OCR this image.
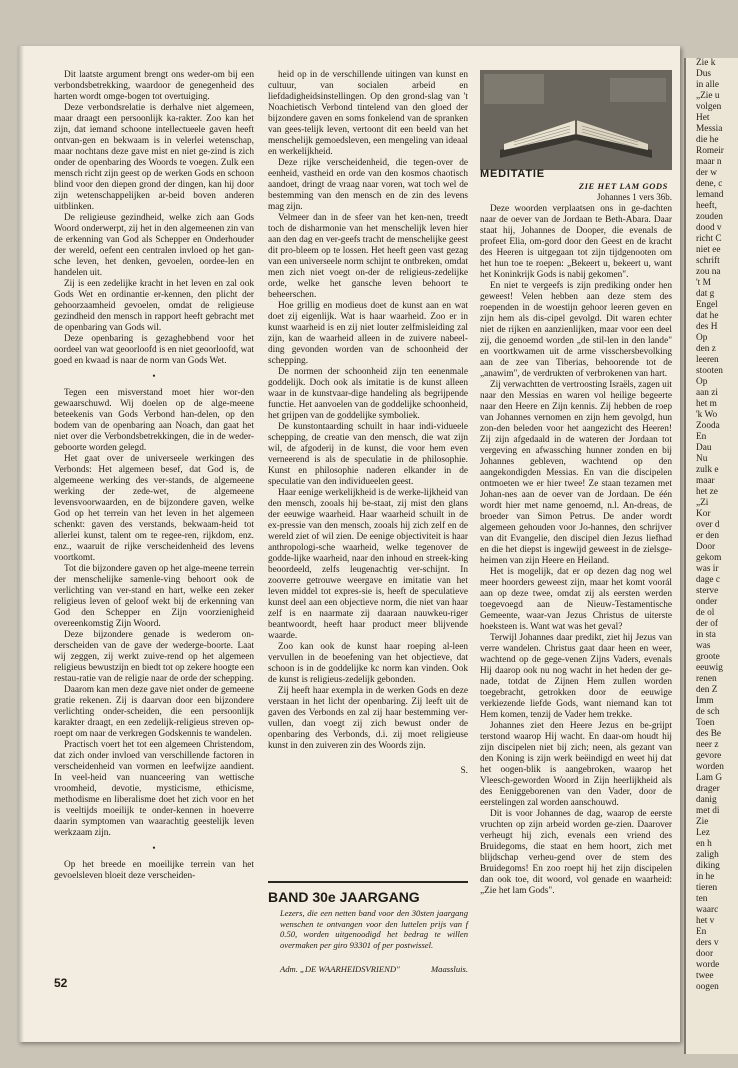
Dit laatste argument brengt ons weder-om bij een verbondsbetrekking, waardoor de genegenheid des harten wordt omge-bogen tot overtuiging.

Deze verbondsrelatie is derhalve niet algemeen, maar draagt een persoonlijk ka-rakter. Zoo kan het zijn, dat iemand schoone intellectueele gaven heeft ontvan-gen en bekwaam is in velerlei wetenschap, maar nochtans deze gave mist en niet ge-zind is zich onder de openbaring des Woords te voegen. Zulk een mensch richt zijn geest op de werken Gods en schoon blind voor den diepen grond der dingen, kan hij door zijn wetenschappelijken ar-beid boven anderen uitblinken.

De religieuse gezindheid, welke zich aan Gods Woord onderwerpt, zij het in den algemeenen zin van de erkenning van God als Schepper en Onderhouder der wereld, oefent een centralen invloed op het gan-sche leven, het denken, gevoelen, oordee-len en handelen uit.

Zij is een zedelijke kracht in het leven en zal ook Gods Wet en ordinantie er-kennen, den plicht der gehoorzaamheid gevoelen, omdat de religieuse gezindheid den mensch in rapport heeft gebracht met de openbaring van Gods wil.

Deze openbaring is gezaghebbend voor het oordeel van wat geoorloofd is en niet geoorloofd, wat goed en kwaad is naar de norm van Gods Wet.

•

Tegen een misverstand moet hier wor-den gewaarschuwd. Wij doelen op de alge-meene beteekenis van Gods Verbond han-delen, op den bodem van de openbaring aan Noach, dan gaat het niet over die Verbondsbetrekkingen, die in de weder-geboorte worden gelegd.

Het gaat over de universeele werkingen des Verbonds: Het algemeen besef, dat God is, de algemeene werking des ver-stands, de algemeene werking der zede-wet, de algemeene levensvoorwaarden, en de bijzondere gaven, welke God op het terrein van het leven in het algemeen schenkt: gaven des verstands, bekwaam-heid tot allerlei kunst, talent om te regee-ren, rijkdom, enz. enz., waaruit de rijke verscheidenheid des levens voortkomt.

Tot die bijzondere gaven op het alge-meene terrein der menschelijke samenle-ving behoort ook de verlichting van ver-stand en hart, welke een zeker religieus leven of geloof wekt bij de erkenning van God den Schepper en Zijn voorzienigheid overeenkomstig Zijn Woord.

Deze bijzondere genade is wederom on-derscheiden van de gave der wederge-boorte. Laat wij zeggen, zij werkt zuive-rend op het algemeen religieus bewustzijn en biedt tot op zekere hoogte een restau-ratie van de religie naar de orde der schepping.

Daarom kan men deze gave niet onder de gemeene gratie rekenen. Zij is daarvan door een bijzondere verlichting onder-scheiden, die een persoonlijk karakter draagt, en een zedelijk-religieus streven op-roept om naar de verkregen Godskennis te wandelen.

Practisch voert het tot een algemeen Christendom, dat zich onder invloed van verschillende factoren in verscheidenheid van vormen en leefwijze aandient. In veel-heid van nuanceering van wettische vroomheid, devotie, mysticisme, ethicisme, methodisme en liberalisme doet het zich voor en het is veeltijds moeilijk te onder-kennen in hoeverre daarin symptomen van waarachtig geestelijk leven werkzaam zijn.

•

Op het breede en moeilijke terrein van het gevoelsleven bloeit deze verscheiden-

52

heid op in de verschillende uitingen van kunst en cultuur, van socialen arbeid en liefdadigheidsinstellingen. Op den grond-slag van 't Noachietisch Verbond tintelend van den gloed der bijzondere gaven en soms fonkelend van de spranken van gees-telijk leven, vertoont dit een beeld van het menschelijk gemoedsleven, een mengeling van ideaal en werkelijkheid.

Deze rijke verscheidenheid, die tegen-over de eenheid, vastheid en orde van den kosmos chaotisch aandoet, dringt de vraag naar voren, wat toch wel de bestemming van den mensch en de zin des levens mag zijn.

Velmeer dan in de sfeer van het ken-nen, treedt toch de disharmonie van het menschelijk leven hier aan den dag en ver-geefs tracht de menschelijke geest dit pro-bleem op te lossen. Het heeft geen vast gezag van een universeele norm schijnt te ontbreken, omdat men zich niet voegt on-der de religieus-zedelijke orde, welke het gansche leven behoort te beheerschen.

Hoe grillig en modieus doet de kunst aan en wat doet zij eigenlijk. Wat is haar waarheid. Zoo er in kunst waarheid is en zij niet louter zelfmisleiding zal zijn, kan de waarheid alleen in de zuivere nabeel-ding gevonden worden van de schoonheid der schepping.

De normen der schoonheid zijn ten eenenmale goddelijk. Doch ook als imitatie is de kunst alleen waar in de kunstvaar-dige handeling als begrijpende functie. Het aanvoelen van de goddelijke schoonheid, het grijpen van de goddelijke symboliek.

De kunstontaarding schuilt in haar indi-vidueele schepping, de creatie van den mensch, die wat zijn wil, de afgoderij in de kunst, die voor hem even verneerend is als de speculatie in de philosophie. Kunst en philosophie naderen elkander in de speculatie van den individueelen geest.

Haar eenige werkelijkheid is de werke-lijkheid van den mensch, zooals hij be-staat, zij mist den glans der eeuwige waarheid. Haar waarheid schuilt in de ex-pressie van den mensch, zooals hij zich zelf en de wereld ziet of wil zien. De eenige objectiviteit is haar anthropologi-sche waarheid, welke tegenover de godde-lijke waarheid, naar den inhoud en streek-king beoordeeld, zelfs leugenachtig ver-schijnt. In zooverre getrouwe weergave en imitatie van het leven middel tot expres-sie is, heeft de speculatieve kunst deel aan een objectieve norm, die niet van haar zelf is en naarmate zij daaraan nauwkeu-riger beantwoordt, heeft haar product meer blijvende waarde.

Zoo kan ook de kunst haar roeping al-leen vervullen in de beoefening van het objectieve, dat schoon is in de goddelijke kc norm kan vinden. Ook de kunst is religieus-zedelijk gebonden.

Zij heeft haar exempla in de werken Gods en deze verstaan in het licht der openbaring. Zij leeft uit de gaven des Verbonds en zal zij haar bestemming ver-vullen, dan voegt zij zich bewust onder de openbaring des Verbonds, d.i. zij moet religieuse kunst in den zuiveren zin des Woords zijn.

S.
BAND 30e JAARGANG
Lezers, die een netten band voor den 30sten jaargang wenschen te ontvangen voor den luttelen prijs van f 0.50, worden uitgenoodigd het bedrag te willen overmaken per giro 93301 of per postwissel.
Adm. „DE WAARHEIDSVRIEND"	Maassluis.
MEDITATIE
ZIE HET LAM GODS
Johannes 1 vers 36b.

Deze woorden verplaatsen ons in ge-dachten naar de oever van de Jordaan te Beth-Abara. Daar staat hij, Johannes de Dooper, die evenals de profeet Elia, om-gord door den Geest en de kracht des Heeren is uitgegaan tot zijn tijdgenooten om het hun toe te roepen: „Bekeert u, bekeert u, want het Koninkrijk Gods is nabij gekomen".

En niet te vergeefs is zijn prediking onder hen geweest! Velen hebben aan deze stem des roependen in de woestijn gehoor leeren geven en zijn hem als dis-cipel gevolgd. Dit waren echter niet de rijken en aanzienlijken, maar voor een deel zij, die genoemd worden „de stil-len in den lande" en voortkwamen uit de arme visschersbevolking aan de zee van Tiberias, behoorende tot de „anawim", de verdrukten of verbrokenen van hart.

Zij verwachtten de vertroosting Israëls, zagen uit naar den Messias en waren vol heilige begeerte naar den Heere en Zijn kennis. Zij hebben de roep van Johannes vernomen en zijn hem gevolgd, hun zon-den beleden voor het aangezicht des Heeren! Zij zijn afgedaald in de wateren der Jordaan tot vergeving en afwassching hunner zonden en bij Johannes gebleven, wachtend op den aangekondigden Messias. En van die discipelen ontmoeten we er hier twee! Ze staan tezamen met Johan-nes aan de oever van de Jordaan. De één wordt hier met name genoemd, n.l. An-dreas, de broeder van Simon Petrus. De ander wordt algemeen gehouden voor Jo-hannes, den schrijver van dit Evangelie, den discipel dien Jezus liefhad en die het diepst is ingewijd geweest in de zielsge-heimen van zijn Heere en Heiland.

Het is mogelijk, dat er op dezen dag nog wel meer hoorders geweest zijn, maar het komt voorál aan op deze twee, omdat zij als eersten werden toegevoegd aan de Nieuw-Testamentische Gemeente, waar-van Jezus Christus de uiterste hoeksteen is. Want wat was het geval?

Terwijl Johannes daar predikt, ziet hij Jezus van verre wandelen. Christus gaat daar heen en weer, wachtend op de gege-venen Zijns Vaders, evenals Hij daarop ook nu nog wacht in het heden der ge-nade, totdat de Zijnen Hem zullen worden toegebracht, getrokken door de eeuwige verkiezende liefde Gods, want niemand kan tot Hem komen, tenzij de Vader hem trekke.

Johannes ziet den Heere Jezus en be-grijpt terstond waarop Hij wacht. En daar-om houdt hij zijn discipelen niet bij zich; neen, als gezant van den Koning is zijn werk beëindigd en weet hij dat het oogen-blik is aangebroken, waarop het Vleesch-geworden Woord in Zijn heerlijkheid als des Eeniggeborenen van den Vader, door de eerstelingen zal worden aanschouwd.

Dit is voor Johannes de dag, waarop de eerste vruchten op zijn arbeid worden ge-zien. Daarover verheugt hij zich, evenals een vriend des Bruidegoms, die staat en hem hoort, zich met blijdschap verheu-gend over de stem des Bruidegoms! En zoo roept hij het zijn discipelen dan ook toe, dit woord, vol genade en waarheid: „Zie het lam Gods".

Zie k
Dus
in alle
„Zie u
volgen
Het
Messia
die he
Romeir
maar n
der w
dene, c
lemand
heeft,
zouden
dood v
richt C
niet ee
schrift
zou na
't M
dat g
Engel
dat he
des H
Op
den z
leeren
stooten
Op
aan zi
het m
'k Wo
Zooda
En
Dau
Nu
zulk e
maar
het ze
„Zi
Kor
over d
er den
Door
gekom
was ir
dage c
sterve
onder
de ol
der of
in sta
was
groote
eeuwig
renen
den Z
Imm
de sch
Toen
des Be
neer z
gevore
worden
Lam G
drager
danig
met di
Zie
Lez
en h
zaligh
diking
in he
tieren
ten
waarc
het v
En
ders v
door
worde
twee
oogen
